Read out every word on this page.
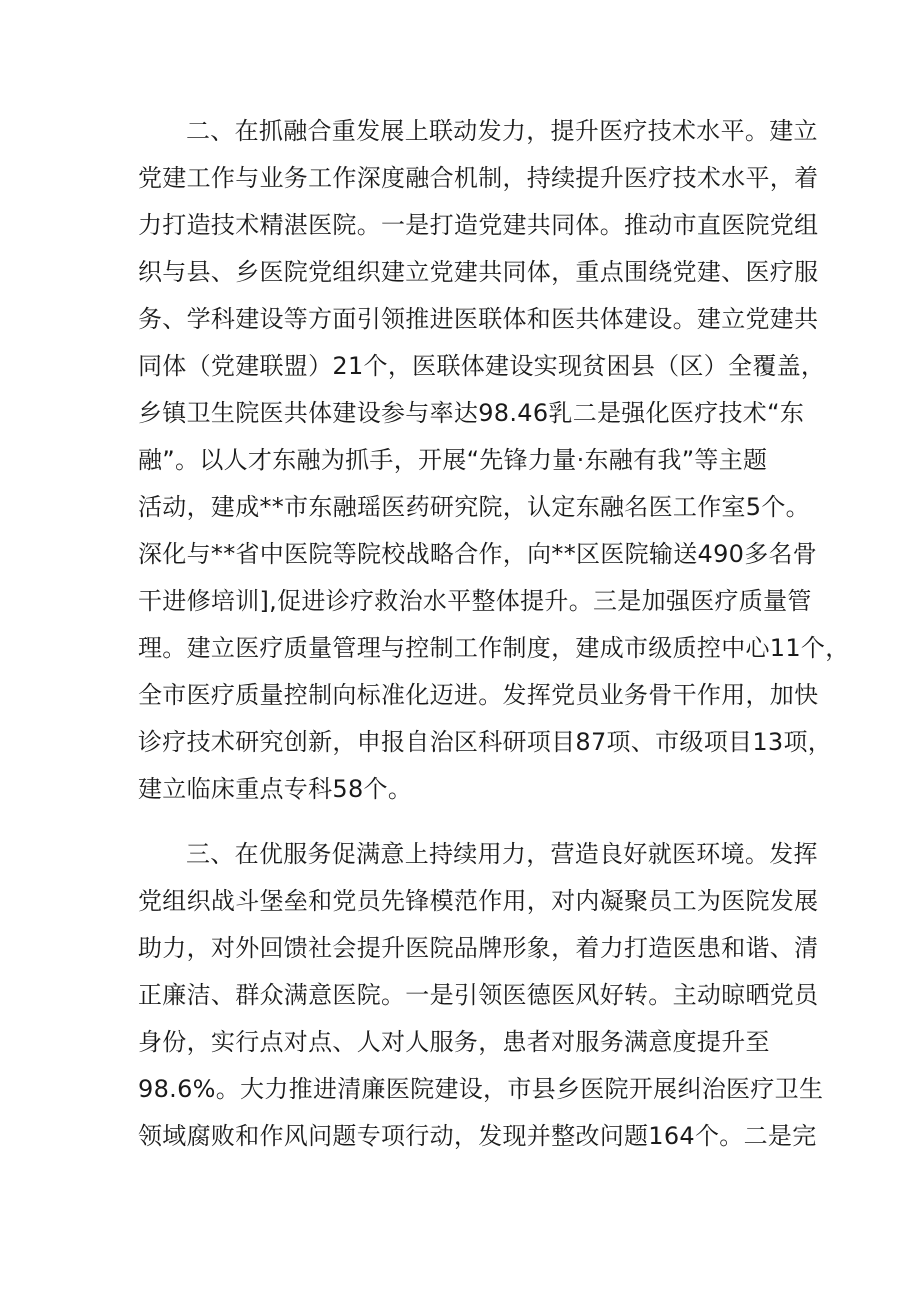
二、在抓融合重发展上联动发力，提升医疗技术水平。建立
党建工作与业务工作深度融合机制，持续提升医疗技术水平，着
力打造技术精湛医院。一是打造党建共同体。推动市直医院党组
织与县、乡医院党组织建立党建共同体，重点围绕党建、医疗服
务、学科建设等方面引领推进医联体和医共体建设。建立党建共
同体（党建联盟）21个，医联体建设实现贫困县（区）全覆盖，
乡镇卫生院医共体建设参与率达98.46乳二是强化医疗技术“东
融”。以人才东融为抓手，开展“先锋力量·东融有我”等主题
活动，建成**市东融瑶医药研究院，认定东融名医工作室5个。
深化与**省中医院等院校战略合作，向**区医院输送490多名骨
干进修培训],促进诊疗救治水平整体提升。三是加强医疗质量管
理。建立医疗质量管理与控制工作制度，建成市级质控中心11个，
全市医疗质量控制向标准化迈进。发挥党员业务骨干作用，加快
诊疗技术研究创新，申报自治区科研项目87项、市级项目13项，
建立临床重点专科58个。
三、在优服务促满意上持续用力，营造良好就医环境。发挥
党组织战斗堡垒和党员先锋模范作用，对内凝聚员工为医院发展
助力，对外回馈社会提升医院品牌形象，着力打造医患和谐、清
正廉洁、群众满意医院。一是引领医德医风好转。主动晾晒党员
身份，实行点对点、人对人服务，患者对服务满意度提升至
98.6%。大力推进清廉医院建设，市县乡医院开展纠治医疗卫生
领域腐败和作风问题专项行动，发现并整改问题164个。二是完
